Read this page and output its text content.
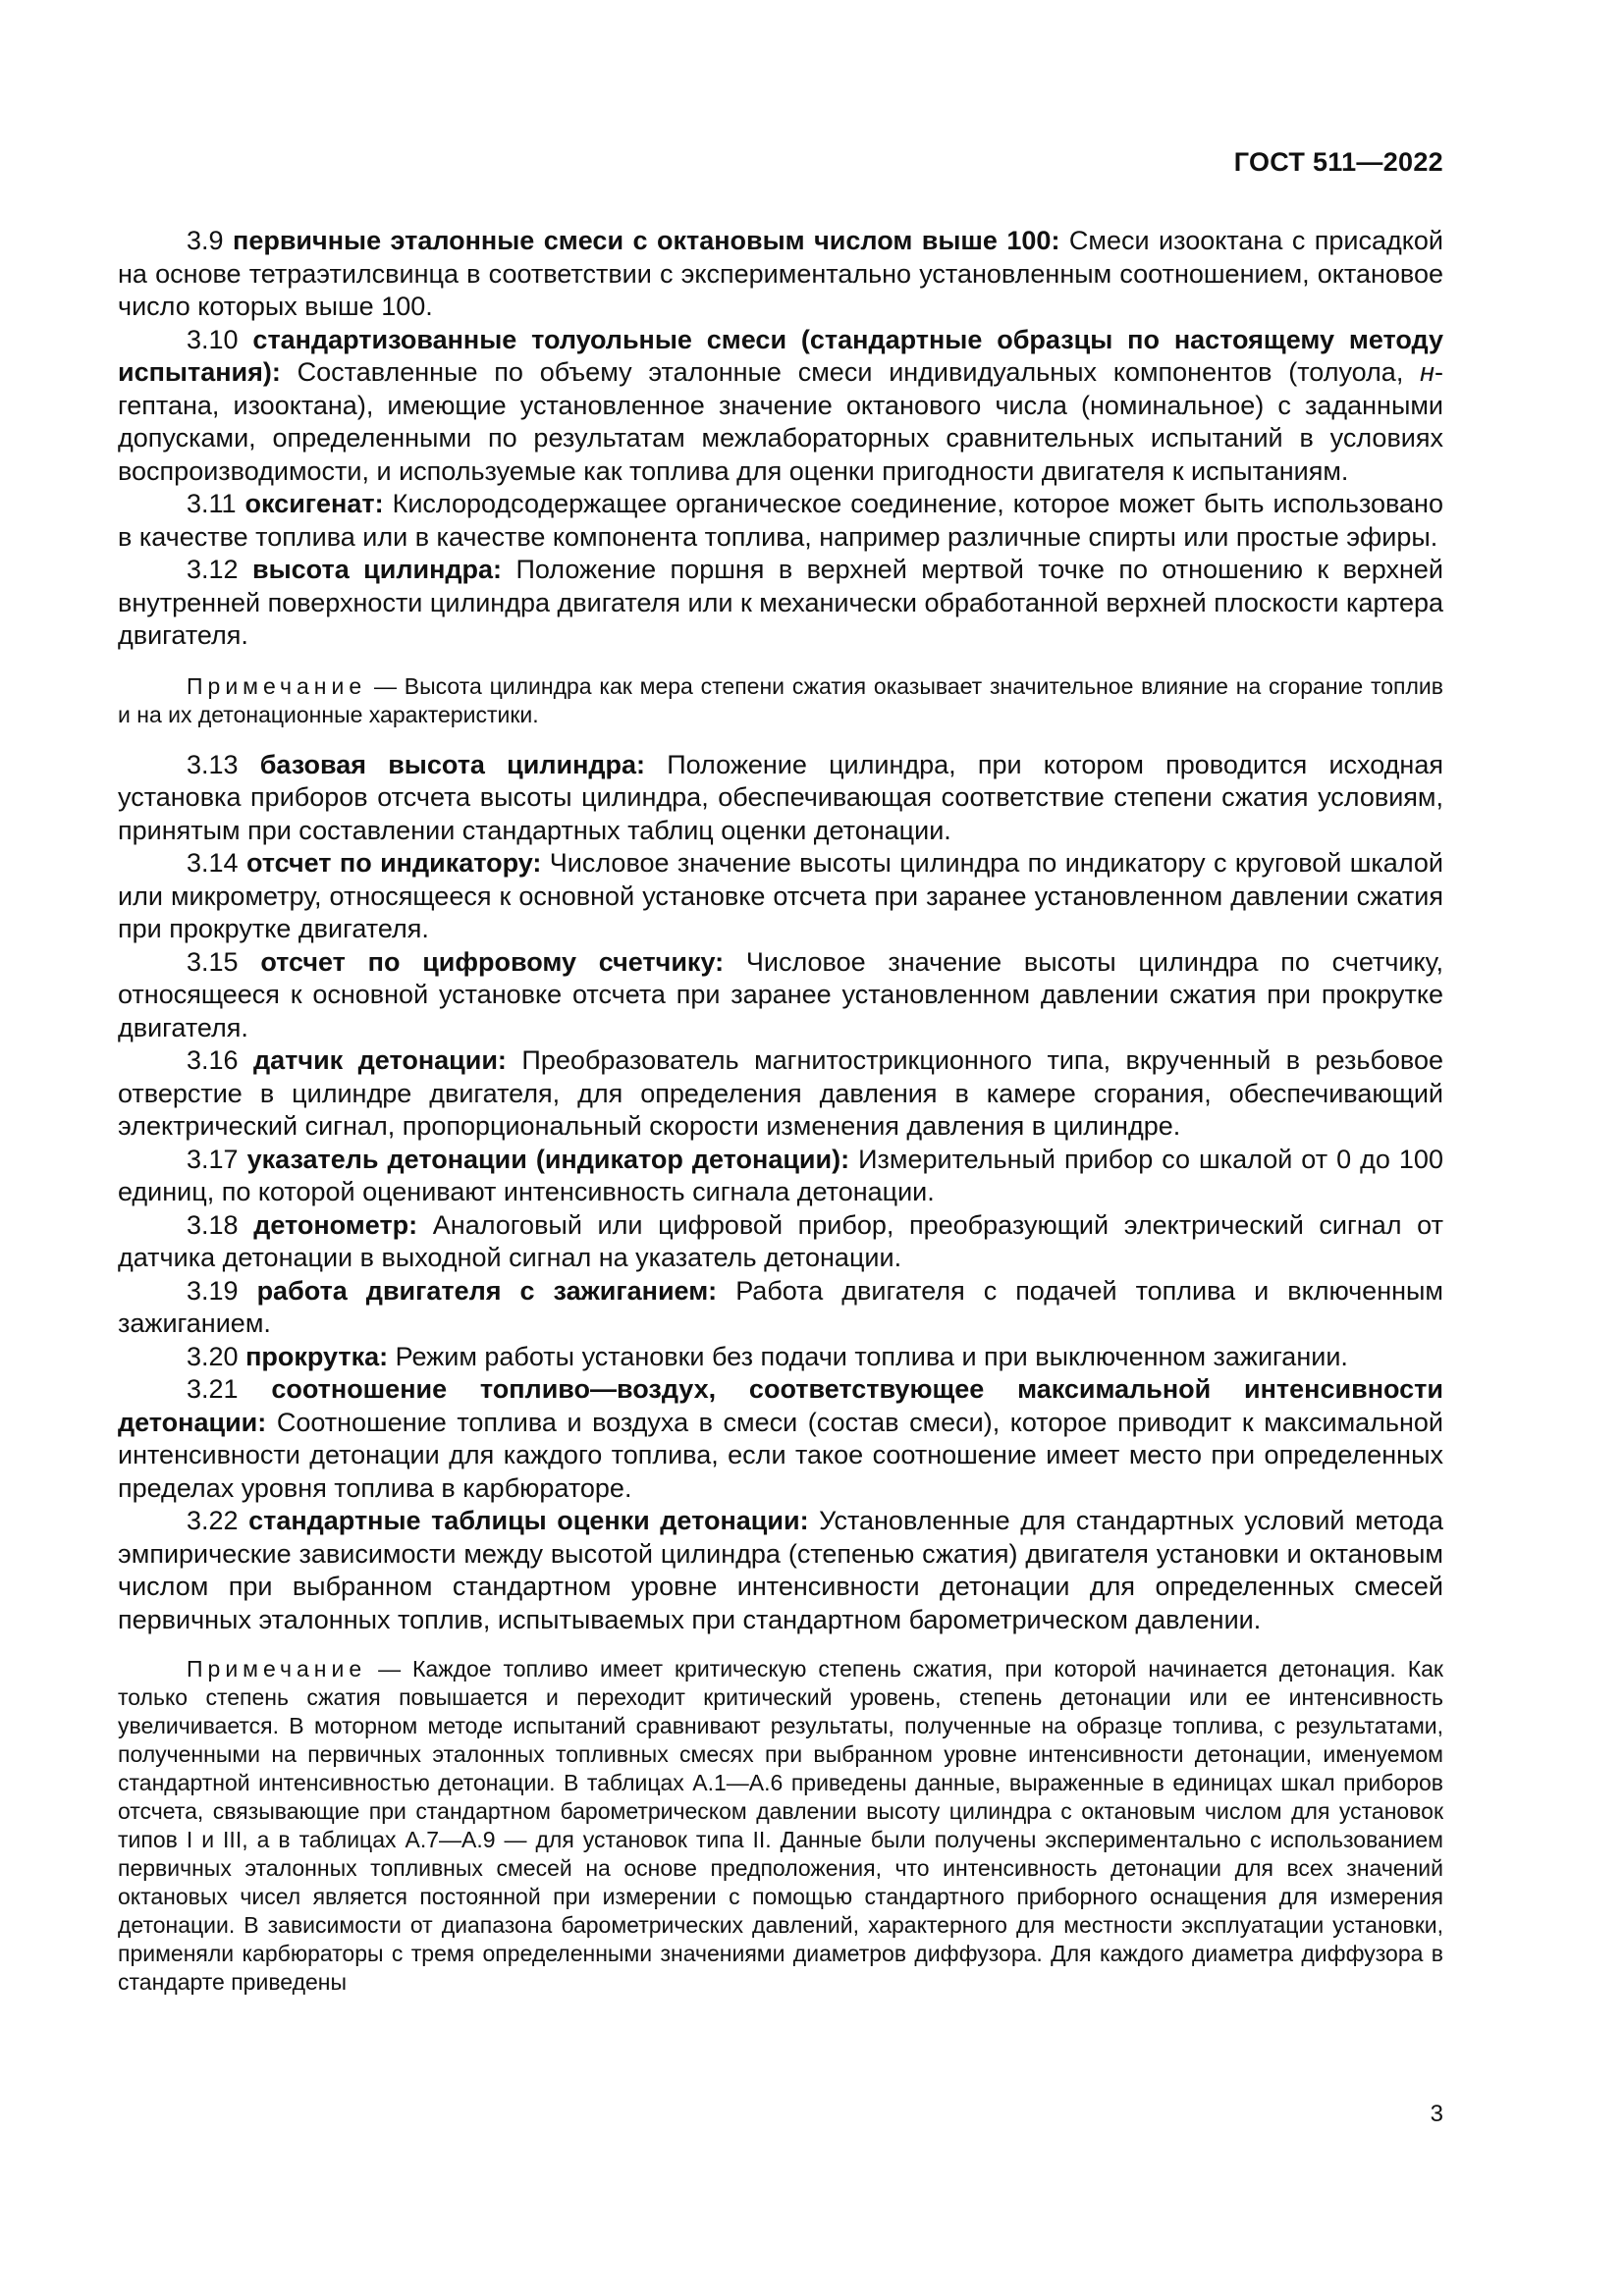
ГОСТ 511—2022

3.9 первичные эталонные смеси с октановым числом выше 100: Смеси изооктана с присадкой на основе тетраэтилсвинца в соответствии с экспериментально установленным соотношением, октановое число которых выше 100.

3.10 стандартизованные толуольные смеси (стандартные образцы по настоящему методу испытания): Составленные по объему эталонные смеси индивидуальных компонентов (толуола, н-гептана, изооктана), имеющие установленное значение октанового числа (номинальное) с заданными допусками, определенными по результатам межлабораторных сравнительных испытаний в условиях воспроизводимости, и используемые как топлива для оценки пригодности двигателя к испытаниям.

3.11 оксигенат: Кислородсодержащее органическое соединение, которое может быть использовано в качестве топлива или в качестве компонента топлива, например различные спирты или простые эфиры.

3.12 высота цилиндра: Положение поршня в верхней мертвой точке по отношению к верхней внутренней поверхности цилиндра двигателя или к механически обработанной верхней плоскости картера двигателя.

Примечание — Высота цилиндра как мера степени сжатия оказывает значительное влияние на сгорание топлив и на их детонационные характеристики.

3.13 базовая высота цилиндра: Положение цилиндра, при котором проводится исходная установка приборов отсчета высоты цилиндра, обеспечивающая соответствие степени сжатия условиям, принятым при составлении стандартных таблиц оценки детонации.

3.14 отсчет по индикатору: Числовое значение высоты цилиндра по индикатору с круговой шкалой или микрометру, относящееся к основной установке отсчета при заранее установленном давлении сжатия при прокрутке двигателя.

3.15 отсчет по цифровому счетчику: Числовое значение высоты цилиндра по счетчику, относящееся к основной установке отсчета при заранее установленном давлении сжатия при прокрутке двигателя.

3.16 датчик детонации: Преобразователь магнитострикционного типа, вкрученный в резьбовое отверстие в цилиндре двигателя, для определения давления в камере сгорания, обеспечивающий электрический сигнал, пропорциональный скорости изменения давления в цилиндре.

3.17 указатель детонации (индикатор детонации): Измерительный прибор со шкалой от 0 до 100 единиц, по которой оценивают интенсивность сигнала детонации.

3.18 детонометр: Аналоговый или цифровой прибор, преобразующий электрический сигнал от датчика детонации в выходной сигнал на указатель детонации.

3.19 работа двигателя с зажиганием: Работа двигателя с подачей топлива и включенным зажиганием.

3.20 прокрутка: Режим работы установки без подачи топлива и при выключенном зажигании.

3.21 соотношение топливо—воздух, соответствующее максимальной интенсивности детонации: Соотношение топлива и воздуха в смеси (состав смеси), которое приводит к максимальной интенсивности детонации для каждого топлива, если такое соотношение имеет место при определенных пределах уровня топлива в карбюраторе.

3.22 стандартные таблицы оценки детонации: Установленные для стандартных условий метода эмпирические зависимости между высотой цилиндра (степенью сжатия) двигателя установки и октановым числом при выбранном стандартном уровне интенсивности детонации для определенных смесей первичных эталонных топлив, испытываемых при стандартном барометрическом давлении.

Примечание — Каждое топливо имеет критическую степень сжатия, при которой начинается детонация. Как только степень сжатия повышается и переходит критический уровень, степень детонации или ее интенсивность увеличивается. В моторном методе испытаний сравнивают результаты, полученные на образце топлива, с результатами, полученными на первичных эталонных топливных смесях при выбранном уровне интенсивности детонации, именуемом стандартной интенсивностью детонации. В таблицах А.1—А.6 приведены данные, выраженные в единицах шкал приборов отсчета, связывающие при стандартном барометрическом давлении высоту цилиндра с октановым числом для установок типов I и III, а в таблицах А.7—А.9 — для установок типа II. Данные были получены экспериментально с использованием первичных эталонных топливных смесей на основе предположения, что интенсивность детонации для всех значений октановых чисел является постоянной при измерении с помощью стандартного приборного оснащения для измерения детонации. В зависимости от диапазона барометрических давлений, характерного для местности эксплуатации установки, применяли карбюраторы с тремя определенными значениями диаметров диффузора. Для каждого диаметра диффузора в стандарте приведены

3
